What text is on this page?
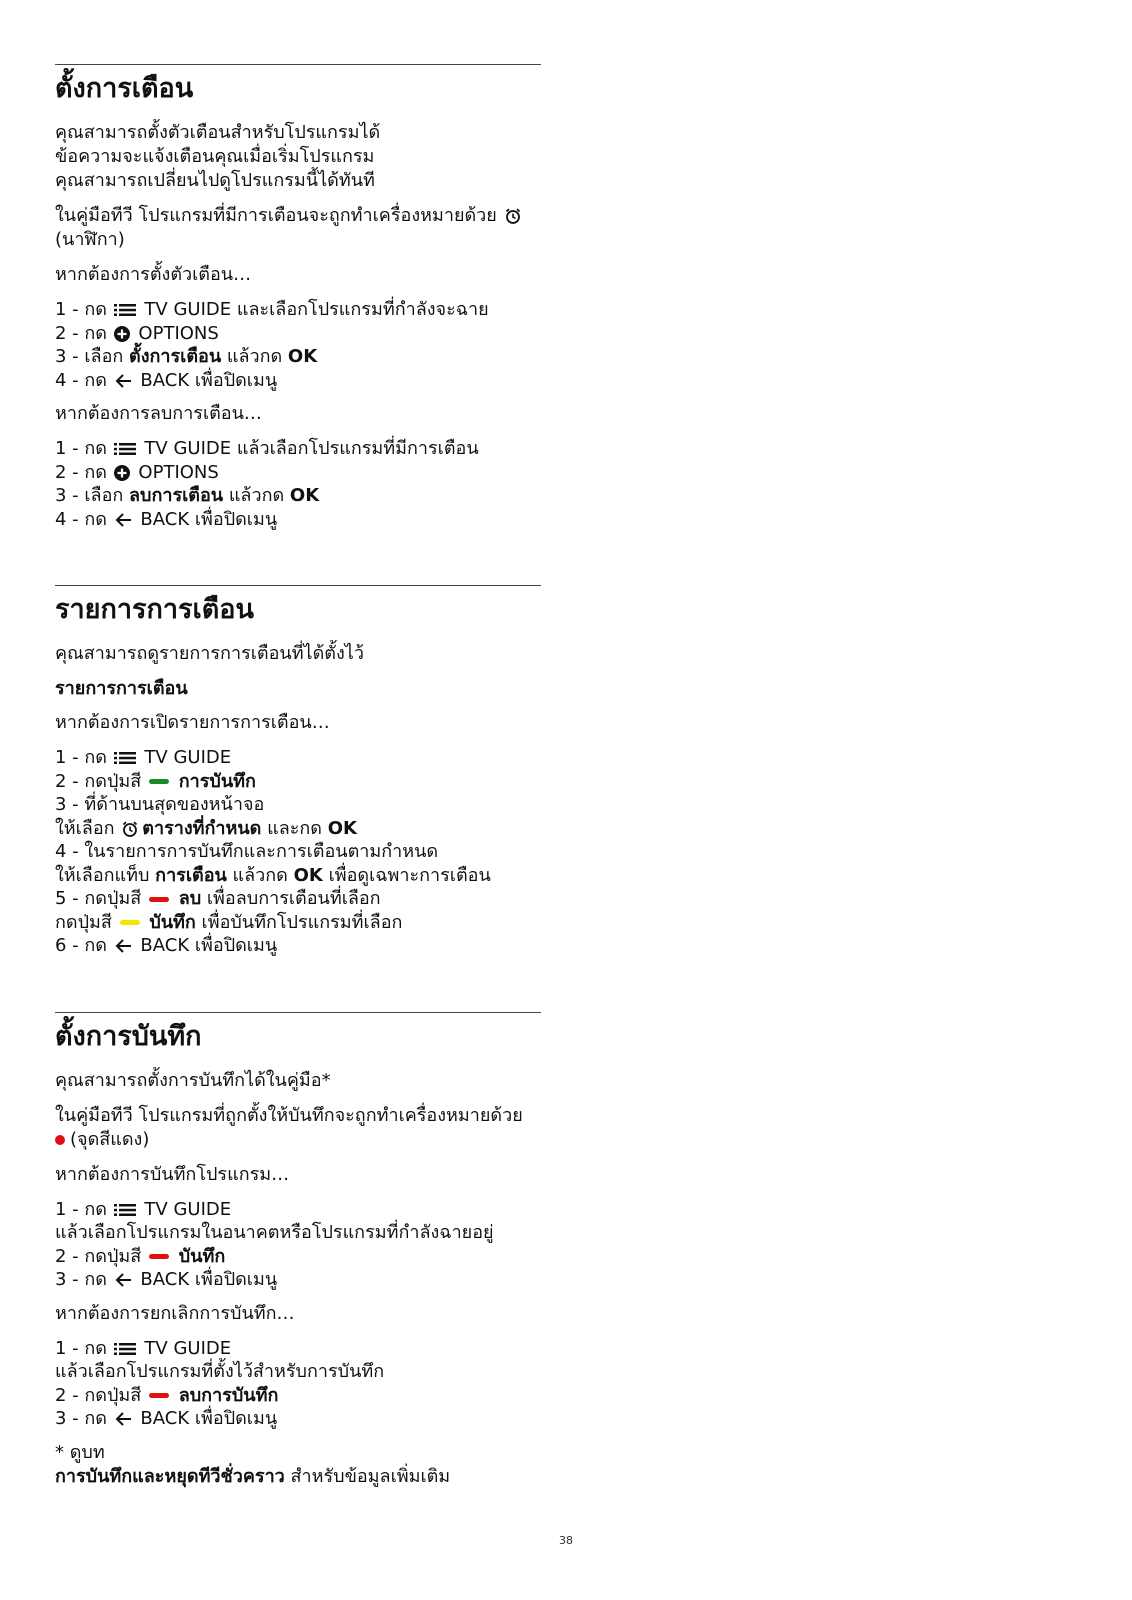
ตั้งการเตือน
คุณสามารถตั้งตัวเตือนสำหรับโปรแกรมได้
ข้อความจะแจ้งเตือนคุณเมื่อเริ่มโปรแกรม
คุณสามารถเปลี่ยนไปดูโปรแกรมนี้ได้ทันที
ในคู่มือทีวี โปรแกรมที่มีการเตือนจะถูกทำเครื่องหมายด้วย
(นาฬิกา)
หากต้องการตั้งตัวเตือน…
1 - กด  TV GUIDE และเลือกโปรแกรมที่กำลังจะฉาย
2 - กด  OPTIONS
3 - เลือก ตั้งการเตือน แล้วกด OK
4 - กด  BACK เพื่อปิดเมนู
หากต้องการลบการเตือน…
1 - กด  TV GUIDE แล้วเลือกโปรแกรมที่มีการเตือน
2 - กด  OPTIONS
3 - เลือก ลบการเตือน แล้วกด OK
4 - กด  BACK เพื่อปิดเมนู
รายการการเตือน
คุณสามารถดูรายการการเตือนที่ได้ตั้งไว้
รายการการเตือน
หากต้องการเปิดรายการการเตือน…
1 - กด  TV GUIDE
2 - กดปุ่มสี  การบันทึก
3 - ที่ด้านบนสุดของหน้าจอ
ให้เลือก ตารางที่กำหนด และกด OK
4 - ในรายการการบันทึกและการเตือนตามกำหนด
ให้เลือกแท็บ การเตือน แล้วกด OK เพื่อดูเฉพาะการเตือน
5 - กดปุ่มสี  ลบ เพื่อลบการเตือนที่เลือก
กดปุ่มสี  บันทึก เพื่อบันทึกโปรแกรมที่เลือก
6 - กด  BACK เพื่อปิดเมนู
ตั้งการบันทึก
คุณสามารถตั้งการบันทึกได้ในคู่มือ*
ในคู่มือทีวี โปรแกรมที่ถูกตั้งให้บันทึกจะถูกทำเครื่องหมายด้วย
(จุดสีแดง)
หากต้องการบันทึกโปรแกรม…
1 - กด  TV GUIDE
แล้วเลือกโปรแกรมในอนาคตหรือโปรแกรมที่กำลังฉายอยู่
2 - กดปุ่มสี  บันทึก
3 - กด  BACK เพื่อปิดเมนู
หากต้องการยกเลิกการบันทึก…
1 - กด  TV GUIDE
แล้วเลือกโปรแกรมที่ตั้งไว้สำหรับการบันทึก
2 - กดปุ่มสี  ลบการบันทึก
3 - กด  BACK เพื่อปิดเมนู
* ดูบท
การบันทึกและหยุดทีวีชั่วคราว สำหรับข้อมูลเพิ่มเติม
38
